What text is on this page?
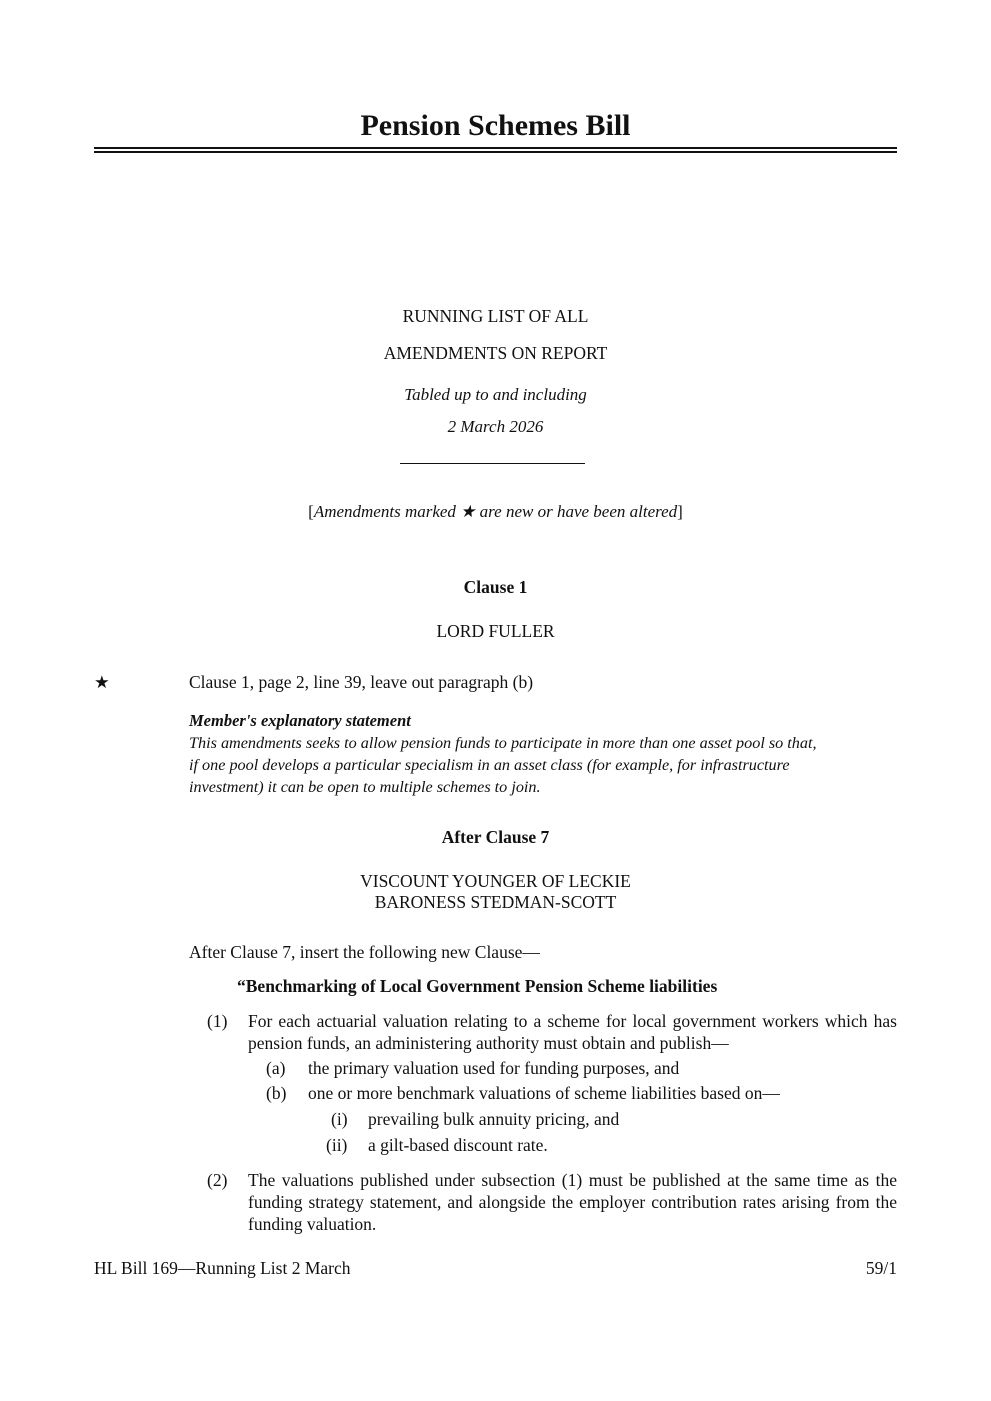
Pension Schemes Bill
RUNNING LIST OF ALL
AMENDMENTS ON REPORT
Tabled up to and including
2 March 2026
[Amendments marked ★ are new or have been altered]
Clause 1
LORD FULLER
★	Clause 1, page 2, line 39, leave out paragraph (b)
Member's explanatory statement
This amendments seeks to allow pension funds to participate in more than one asset pool so that,
if one pool develops a particular specialism in an asset class (for example, for infrastructure
investment) it can be open to multiple schemes to join.
After Clause 7
VISCOUNT YOUNGER OF LECKIE
BARONESS STEDMAN-SCOTT
After Clause 7, insert the following new Clause—
“Benchmarking of Local Government Pension Scheme liabilities
(1) For each actuarial valuation relating to a scheme for local government workers which has pension funds, an administering authority must obtain and publish—
(a) the primary valuation used for funding purposes, and
(b) one or more benchmark valuations of scheme liabilities based on—
(i) prevailing bulk annuity pricing, and
(ii) a gilt-based discount rate.
(2) The valuations published under subsection (1) must be published at the same time as the funding strategy statement, and alongside the employer contribution rates arising from the funding valuation.
HL Bill 169—Running List 2 March	59/1
